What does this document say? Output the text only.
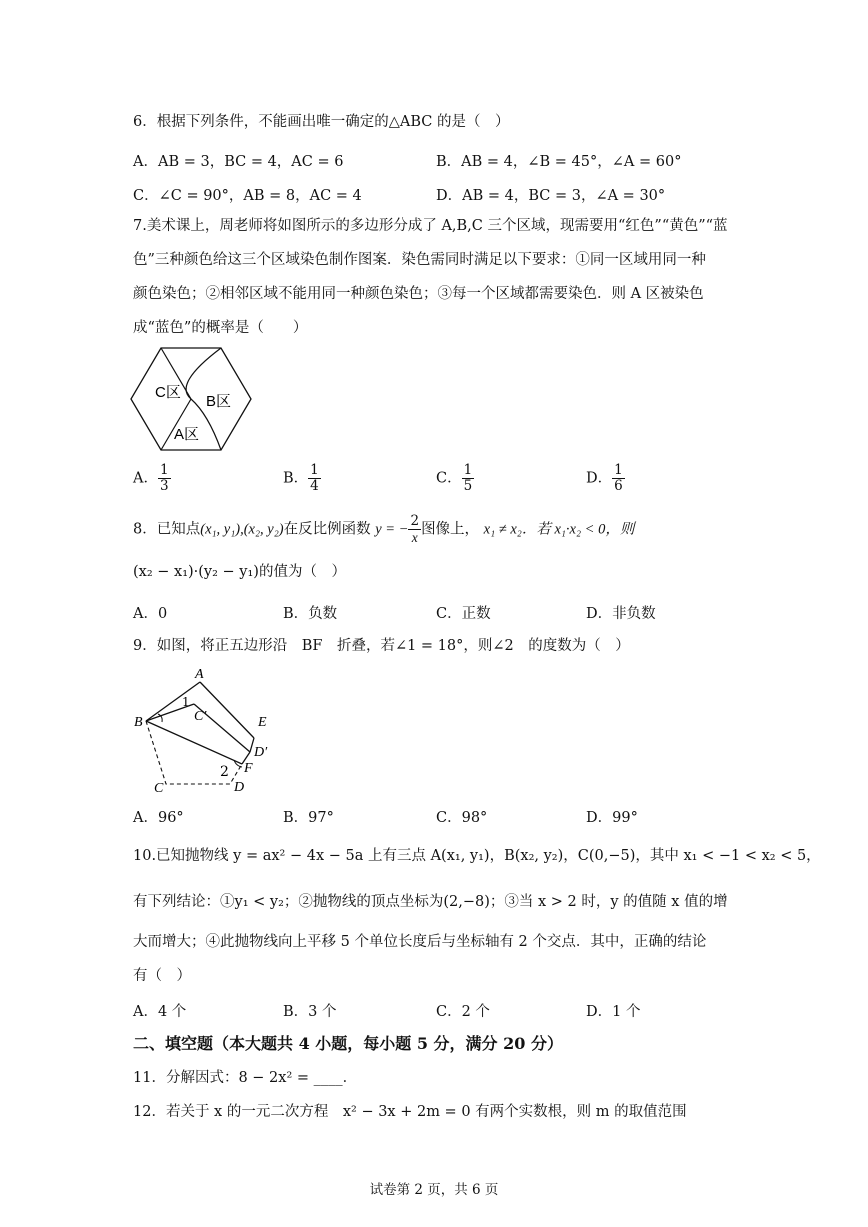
6．根据下列条件，不能画出唯一确定的△ABC 的是（　）
A．AB = 3，BC = 4，AC = 6	B．AB = 4，∠B = 45°，∠A = 60°
C．∠C = 90°，AB = 8，AC = 4	D．AB = 4，BC = 3，∠A = 30°
7.美术课上，周老师将如图所示的多边形分成了 A,B,C 三个区域，现需要用“红色”“黄色”“蓝
色”三种颜色给这三个区域染色制作图案．染色需同时满足以下要求：①同一区域用同一种
颜色染色；②相邻区域不能用同一种颜色染色；③每一个区域都需要染色．则 A 区被染色
成“蓝色”的概率是（　　）
C区
B区
A区
A． $\frac{1}{3}$	B． $\frac{1}{4}$	C． $\frac{1}{5}$	D． $\frac{1}{6}$
8．已知点(x₁, y₁),(x₂, y₂)在反比例函数 y = − $\frac{2}{x}$ 图像上， x₁ ≠ x₂．若 x₁·x₂ < 0，则
(x₂ − x₁)·(y₂ − y₁)的值为（　）
A．0	B．负数	C．正数	D．非负数
9．如图，将正五边形沿　BF　折叠，若∠1 = 18°，则∠2　的度数为（　）
A
B	C′	E
D′
F
2
1
C	D
A．96°	B．97°	C．98°	D．99°
10.已知抛物线 y = ax² − 4x − 5a 上有三点 A(x₁, y₁)，B(x₂, y₂)，C(0,−5)，其中 x₁ < −1 < x₂ < 5，
有下列结论：①y₁ < y₂；②抛物线的顶点坐标为(2,−8)；③当 x > 2 时，y 的值随 x 值的增
大而增大；④此抛物线向上平移 5 个单位长度后与坐标轴有 2 个交点．其中，正确的结论
有（　）
A．4 个	B．3 个	C．2 个	D．1 个
二、填空题（本大题共 4 小题，每小题 5 分，满分 20 分）
11．分解因式：8 − 2x² = ____．
12．若关于 x 的一元二次方程　x² − 3x + 2m = 0 有两个实数根，则 m 的取值范围
试卷第 2 页，共 6 页
